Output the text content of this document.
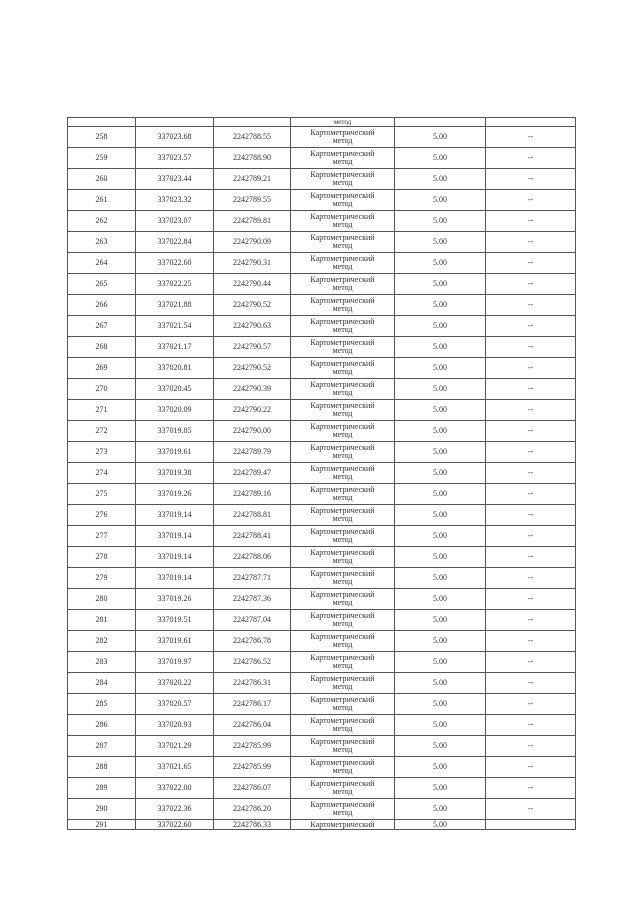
			метод		
258	337023.68	2242788.55	Картометрический
метод	5.00	--
259	337023.57	2242788.90	Картометрический
метод	5.00	--
260	337023.44	2242789.21	Картометрический
метод	5.00	--
261	337023.32	2242789.55	Картометрический
метод	5.00	--
262	337023.07	2242789.81	Картометрический
метод	5.00	--
263	337022.84	2242790.09	Картометрический
метод	5.00	--
264	337022.60	2242790.31	Картометрический
метод	5.00	--
265	337022.25	2242790.44	Картометрический
метод	5.00	--
266	337021.88	2242790.52	Картометрический
метод	5.00	--
267	337021.54	2242790.63	Картометрический
метод	5.00	--
268	337021.17	2242790.57	Картометрический
метод	5.00	--
269	337020.81	2242790.52	Картометрический
метод	5.00	--
270	337020.45	2242790.39	Картометрический
метод	5.00	--
271	337020.09	2242790.22	Картометрический
метод	5.00	--
272	337019.85	2242790.00	Картометрический
метод	5.00	--
273	337019.61	2242789.79	Картометрический
метод	5.00	--
274	337019.38	2242789.47	Картометрический
метод	5.00	--
275	337019.26	2242789.16	Картометрический
метод	5.00	--
276	337019.14	2242788.81	Картометрический
метод	5.00	--
277	337019.14	2242788.41	Картометрический
метод	5.00	--
278	337019.14	2242788.06	Картометрический
метод	5.00	--
279	337019.14	2242787.71	Картометрический
метод	5.00	--
280	337019.26	2242787.36	Картометрический
метод	5.00	--
281	337019.51	2242787.04	Картометрический
метод	5.00	--
282	337019.61	2242786.78	Картометрический
метод	5.00	--
283	337019.97	2242786.52	Картометрический
метод	5.00	--
284	337020.22	2242786.31	Картометрический
метод	5.00	--
285	337020.57	2242786.17	Картометрический
метод	5.00	--
286	337020.93	2242786.04	Картометрический
метод	5.00	--
287	337021.29	2242785.99	Картометрический
метод	5.00	--
288	337021.65	2242785.99	Картометрический
метод	5.00	--
289	337022.00	2242786.07	Картометрический
метод	5.00	--
290	337022.36	2242786.20	Картометрический
метод	5.00	--
291	337022.60	2242786.33	Картометрический	5.00	
